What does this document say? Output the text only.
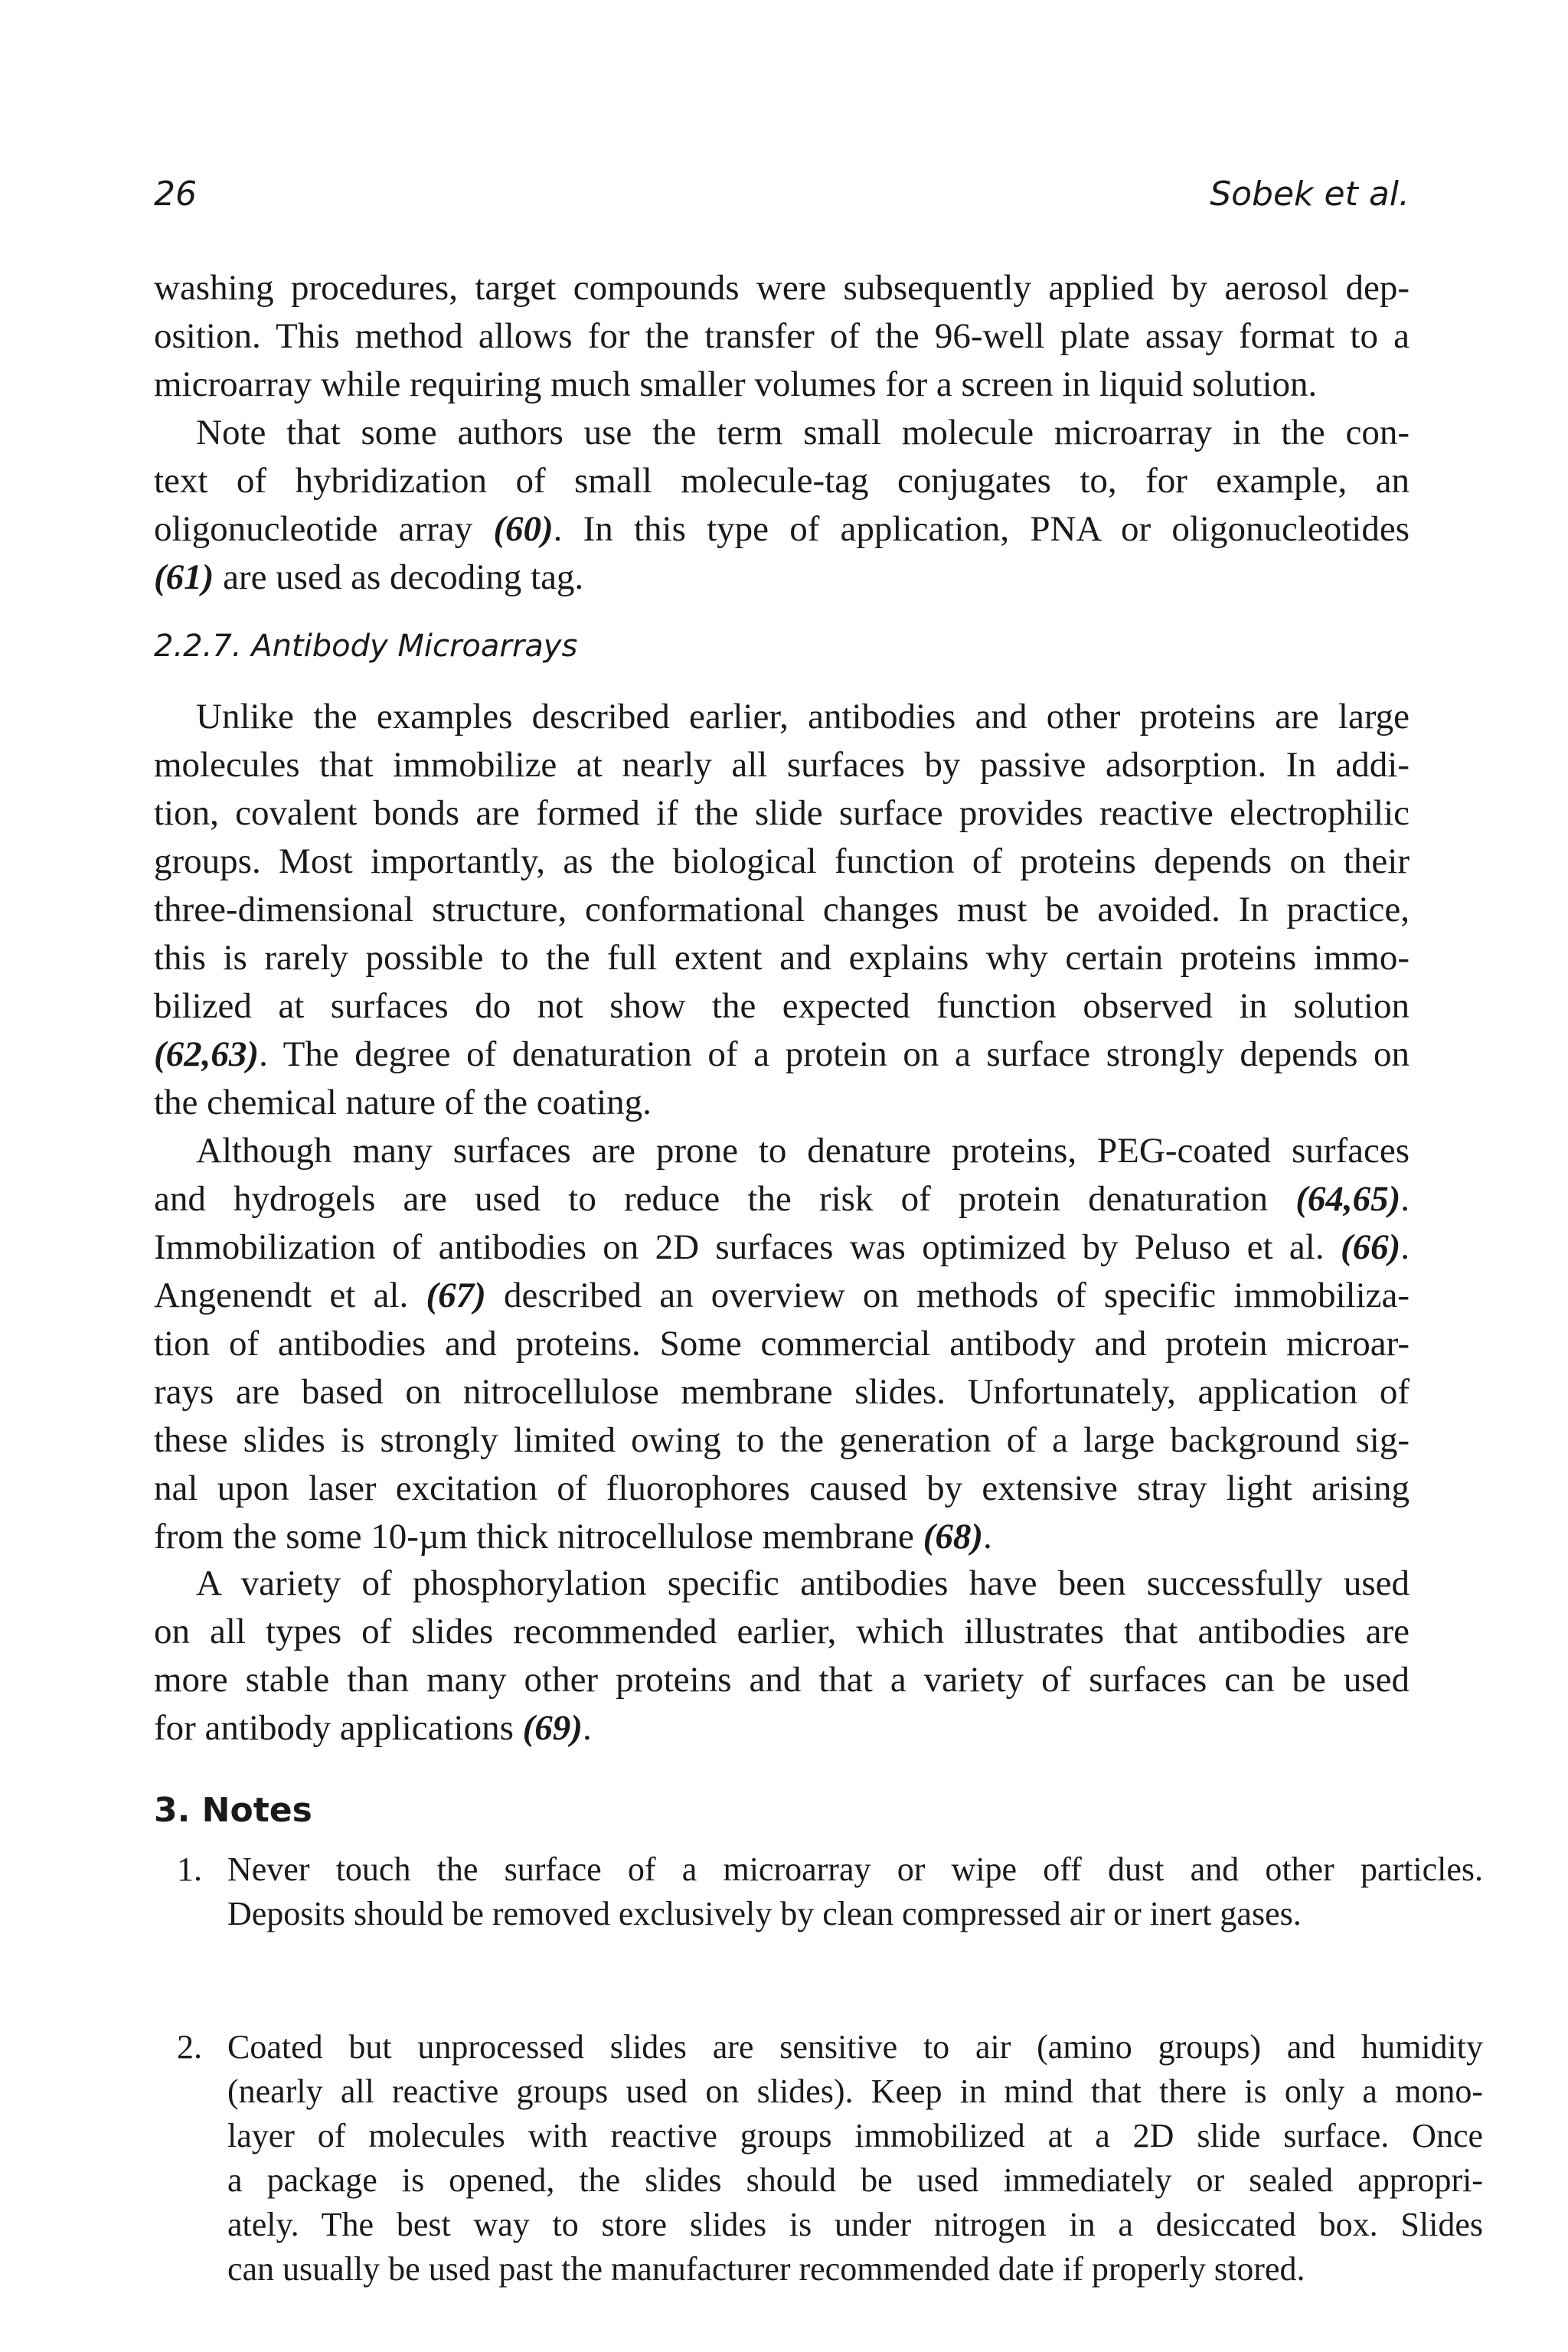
26	Sobek et al.
washing procedures, target compounds were subsequently applied by aerosol dep-
osition. This method allows for the transfer of the 96-well plate assay format to a
microarray while requiring much smaller volumes for a screen in liquid solution.
Note that some authors use the term small molecule microarray in the con-
text of hybridization of small molecule-tag conjugates to, for example, an
oligonucleotide array (60). In this type of application, PNA or oligonucleotides
(61) are used as decoding tag.
2.2.7. Antibody Microarrays
Unlike the examples described earlier, antibodies and other proteins are large
molecules that immobilize at nearly all surfaces by passive adsorption. In addi-
tion, covalent bonds are formed if the slide surface provides reactive electrophilic
groups. Most importantly, as the biological function of proteins depends on their
three-dimensional structure, conformational changes must be avoided. In practice,
this is rarely possible to the full extent and explains why certain proteins immo-
bilized at surfaces do not show the expected function observed in solution
(62,63). The degree of denaturation of a protein on a surface strongly depends on
the chemical nature of the coating.
Although many surfaces are prone to denature proteins, PEG-coated surfaces
and hydrogels are used to reduce the risk of protein denaturation (64,65).
Immobilization of antibodies on 2D surfaces was optimized by Peluso et al. (66).
Angenendt et al. (67) described an overview on methods of specific immobiliza-
tion of antibodies and proteins. Some commercial antibody and protein microar-
rays are based on nitrocellulose membrane slides. Unfortunately, application of
these slides is strongly limited owing to the generation of a large background sig-
nal upon laser excitation of fluorophores caused by extensive stray light arising
from the some 10-µm thick nitrocellulose membrane (68).
A variety of phosphorylation specific antibodies have been successfully used
on all types of slides recommended earlier, which illustrates that antibodies are
more stable than many other proteins and that a variety of surfaces can be used
for antibody applications (69).
3. Notes
1. Never touch the surface of a microarray or wipe off dust and other particles.
Deposits should be removed exclusively by clean compressed air or inert gases.
2. Coated but unprocessed slides are sensitive to air (amino groups) and humidity
(nearly all reactive groups used on slides). Keep in mind that there is only a mono-
layer of molecules with reactive groups immobilized at a 2D slide surface. Once
a package is opened, the slides should be used immediately or sealed appropri-
ately. The best way to store slides is under nitrogen in a desiccated box. Slides
can usually be used past the manufacturer recommended date if properly stored.
